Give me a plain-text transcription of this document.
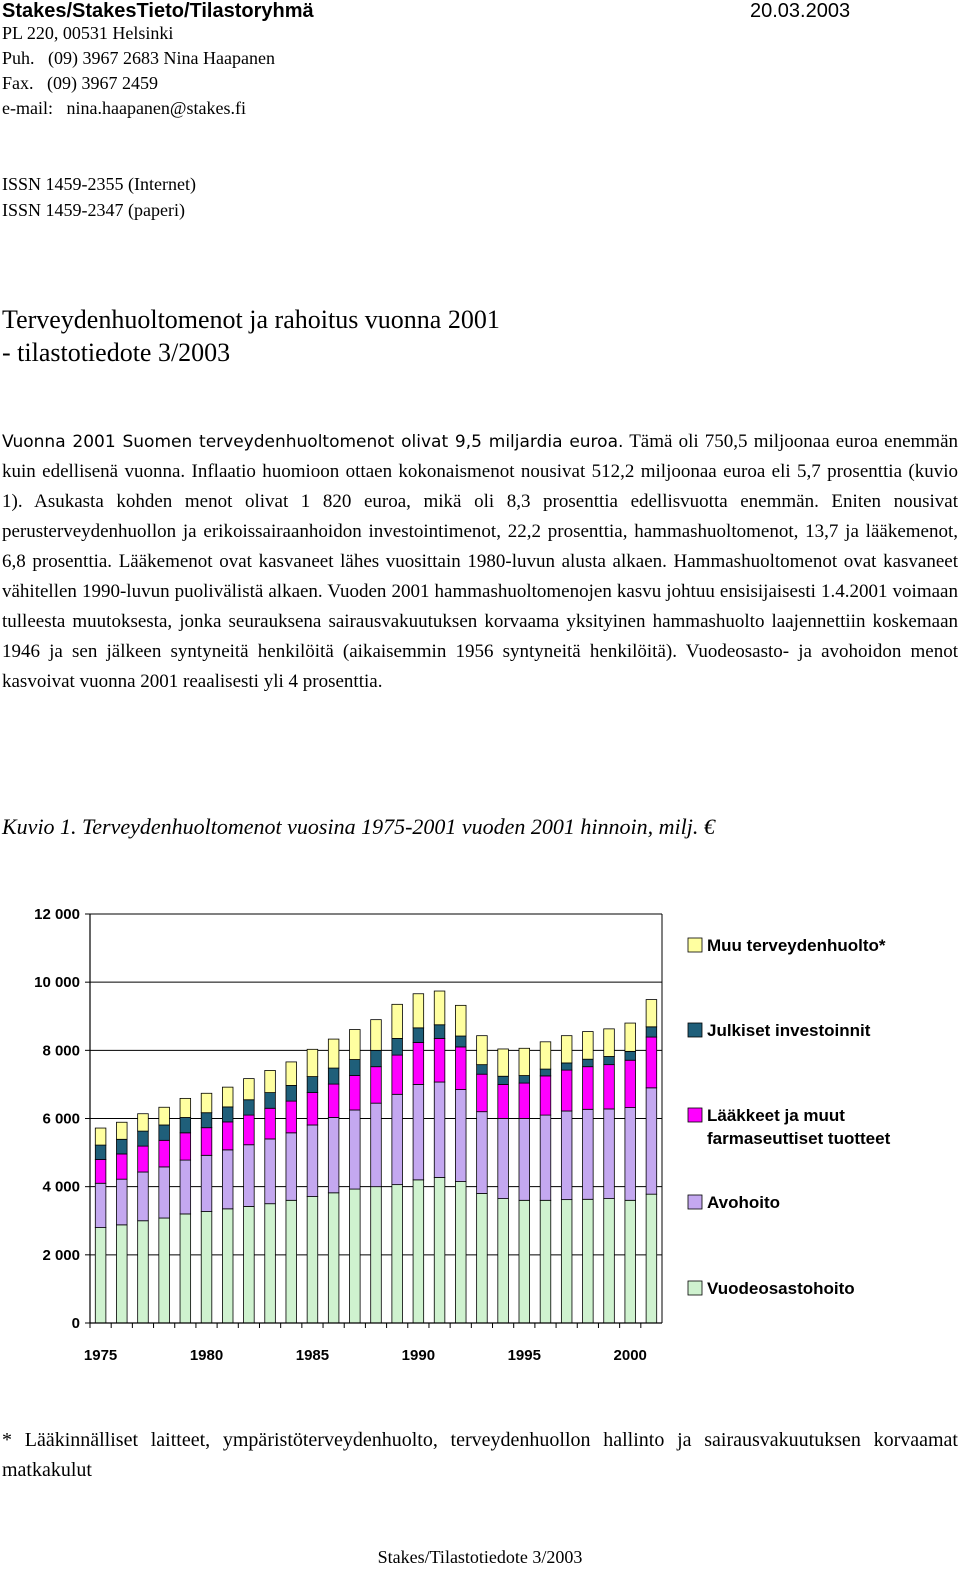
Stakes/StakesTieto/Tilastoryhmä	20.03.2003
PL 220, 00531 Helsinki
Puh.   (09) 3967 2683 Nina Haapanen
Fax.   (09) 3967 2459
e-mail:   nina.haapanen@stakes.fi
ISSN 1459-2355 (Internet)
ISSN 1459-2347 (paperi)
Terveydenhuoltomenot ja rahoitus vuonna 2001
- tilastotiedote 3/2003

Vuonna 2001 Suomen terveydenhuoltomenot olivat 9,5 miljardia euroa. Tämä oli 750,5 miljoonaa euroa enemmän kuin edellisenä vuonna. Inflaatio huomioon ottaen kokonaismenot nousivat 512,2 miljoonaa euroa eli 5,7 prosenttia (kuvio 1). Asukasta kohden menot olivat 1 820 euroa, mikä oli 8,3 prosenttia edellisvuotta enemmän. Eniten nousivat perusterveydenhuollon ja erikoissairaanhoidon investointimenot, 22,2 prosenttia, hammashuoltomenot, 13,7 ja lääkemenot, 6,8 prosenttia. Lääkemenot ovat kasvaneet lähes vuosittain 1980-luvun alusta alkaen. Hammashuoltomenot ovat kasvaneet vähitellen 1990-luvun puolivälistä alkaen. Vuoden 2001 hammashuoltomenojen kasvu johtuu ensisijaisesti 1.4.2001 voimaan tulleesta muutoksesta, jonka seurauksena sairausvakuutuksen korvaama yksityinen hammashuolto laajennettiin koskemaan 1946 ja sen jälkeen syntyneitä henkilöitä (aikaisemmin 1956 syntyneitä henkilöitä). Vuodeosasto- ja avohoidon menot kasvoivat vuonna 2001 reaalisesti yli 4 prosenttia.

Kuvio 1. Terveydenhuoltomenot vuosina 1975-2001 vuoden 2001 hinnoin, milj. €
0
2 000
4 000
6 000
8 000
10 000
12 000
1975	1980	1985	1990	1995	2000
Muu terveydenhuolto*
Julkiset investoinnit
Lääkkeet ja muut
farmaseuttiset tuotteet
Avohoito
Vuodeosastohoito
* Lääkinnälliset laitteet, ympäristöterveydenhuolto, terveydenhuollon hallinto ja sairausvakuutuksen korvaamat matkakulut
Stakes/Tilastotiedote 3/2003
